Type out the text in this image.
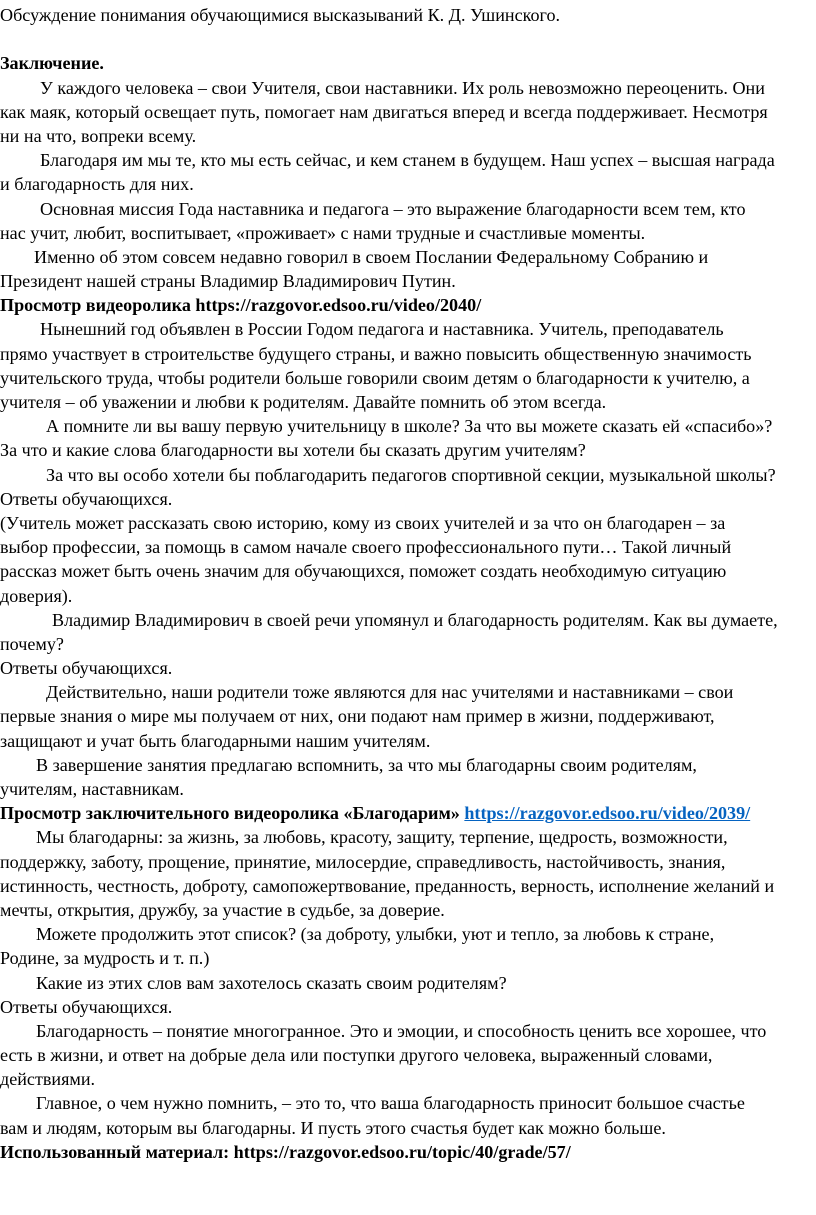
Обсуждение понимания обучающимися высказываний К. Д. Ушинского.

Заключение.

У каждого человека – свои Учителя, свои наставники. Их роль невозможно переоценить. Они

как маяк, который освещает путь, помогает нам двигаться вперед и всегда поддерживает. Несмотря

ни на что, вопреки всему.

Благодаря им мы те, кто мы есть сейчас, и кем станем в будущем. Наш успех – высшая награда

и благодарность для них.

Основная миссия Года наставника и педагога – это выражение благодарности всем тем, кто

нас учит, любит, воспитывает, «проживает» с нами трудные и счастливые моменты.

Именно об этом совсем недавно говорил в своем Послании Федеральному Собранию и

Президент нашей страны Владимир Владимирович Путин.

Просмотр видеоролика https://razgovor.edsoo.ru/video/2040/

Нынешний год объявлен в России Годом педагога и наставника. Учитель, преподаватель

прямо участвует в строительстве будущего страны, и важно повысить общественную значимость

учительского труда, чтобы родители больше говорили своим детям о благодарности к учителю, а

учителя – об уважении и любви к родителям. Давайте помнить об этом всегда.

А помните ли вы вашу первую учительницу в школе? За что вы можете сказать ей «спасибо»?

За что и какие слова благодарности вы хотели бы сказать другим учителям?

За что вы особо хотели бы поблагодарить педагогов спортивной секции, музыкальной школы?

Ответы обучающихся.

(Учитель может рассказать свою историю, кому из своих учителей и за что он благодарен – за

выбор профессии, за помощь в самом начале своего профессионального пути… Такой личный

рассказ может быть очень значим для обучающихся, поможет создать необходимую ситуацию

доверия).

Владимир Владимирович в своей речи упомянул и благодарность родителям. Как вы думаете,

почему?

Ответы обучающихся.

Действительно, наши родители тоже являются для нас учителями и наставниками – свои

первые знания о мире мы получаем от них, они подают нам пример в жизни, поддерживают,

защищают и учат быть благодарными нашим учителям.

В завершение занятия предлагаю вспомнить, за что мы благодарны своим родителям,

учителям, наставникам.

Просмотр заключительного видеоролика «Благодарим» https://razgovor.edsoo.ru/video/2039/

Мы благодарны: за жизнь, за любовь, красоту, защиту, терпение, щедрость, возможности,

поддержку, заботу, прощение, принятие, милосердие, справедливость, настойчивость, знания,

истинность, честность, доброту, самопожертвование, преданность, верность, исполнение желаний и

мечты, открытия, дружбу, за участие в судьбе, за доверие.

Можете продолжить этот список? (за доброту, улыбки, уют и тепло, за любовь к стране,

Родине, за мудрость и т. п.)

Какие из этих слов вам захотелось сказать своим родителям?

Ответы обучающихся.

Благодарность – понятие многогранное. Это и эмоции, и способность ценить все хорошее, что

есть в жизни, и ответ на добрые дела или поступки другого человека, выраженный словами,

действиями.

Главное, о чем нужно помнить, – это то, что ваша благодарность приносит большое счастье

вам и людям, которым вы благодарны. И пусть этого счастья будет как можно больше.

Использованный материал: https://razgovor.edsoo.ru/topic/40/grade/57/
